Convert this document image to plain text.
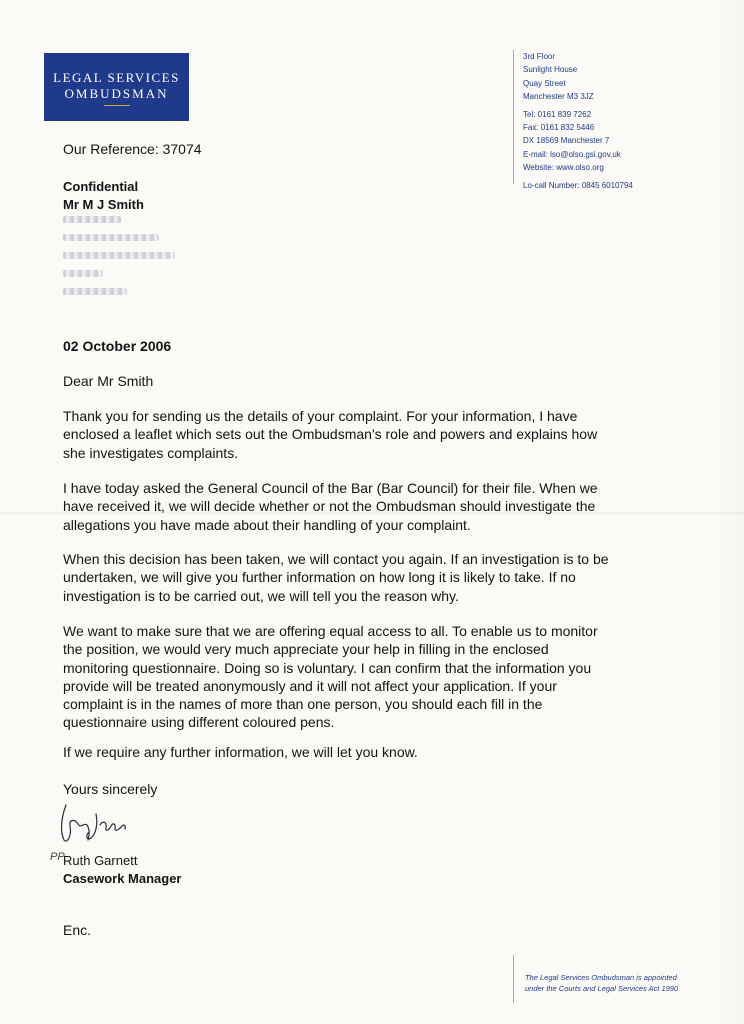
LEGAL SERVICES
OMBUDSMAN
3rd Floor
Sunlight House
Quay Street
Manchester M3 3JZ
Tel: 0161 839 7262
Fax: 0161 832 5446
DX 18569 Manchester 7
E-mail: lso@olso.gsi.gov.uk
Website: www.olso.org
Lo-call Number: 0845 6010794
Our Reference: 37074
Confidential
Mr M J Smith
02 October 2006
Dear Mr Smith
Thank you for sending us the details of your complaint. For your information, I have
enclosed a leaflet which sets out the Ombudsman's role and powers and explains how
she investigates complaints.
I have today asked the General Council of the Bar (Bar Council) for their file. When we
have received it, we will decide whether or not the Ombudsman should investigate the
allegations you have made about their handling of your complaint.
When this decision has been taken, we will contact you again. If an investigation is to be
undertaken, we will give you further information on how long it is likely to take. If no
investigation is to be carried out, we will tell you the reason why.
We want to make sure that we are offering equal access to all. To enable us to monitor
the position, we would very much appreciate your help in filling in the enclosed
monitoring questionnaire. Doing so is voluntary. I can confirm that the information you
provide will be treated anonymously and it will not affect your application. If your
complaint is in the names of more than one person, you should each fill in the
questionnaire using different coloured pens.
If we require any further information, we will let you know.
Yours sincerely
PP
Ruth Garnett
Casework Manager
Enc.
The Legal Services Ombudsman is appointed
under the Courts and Legal Services Act 1990
